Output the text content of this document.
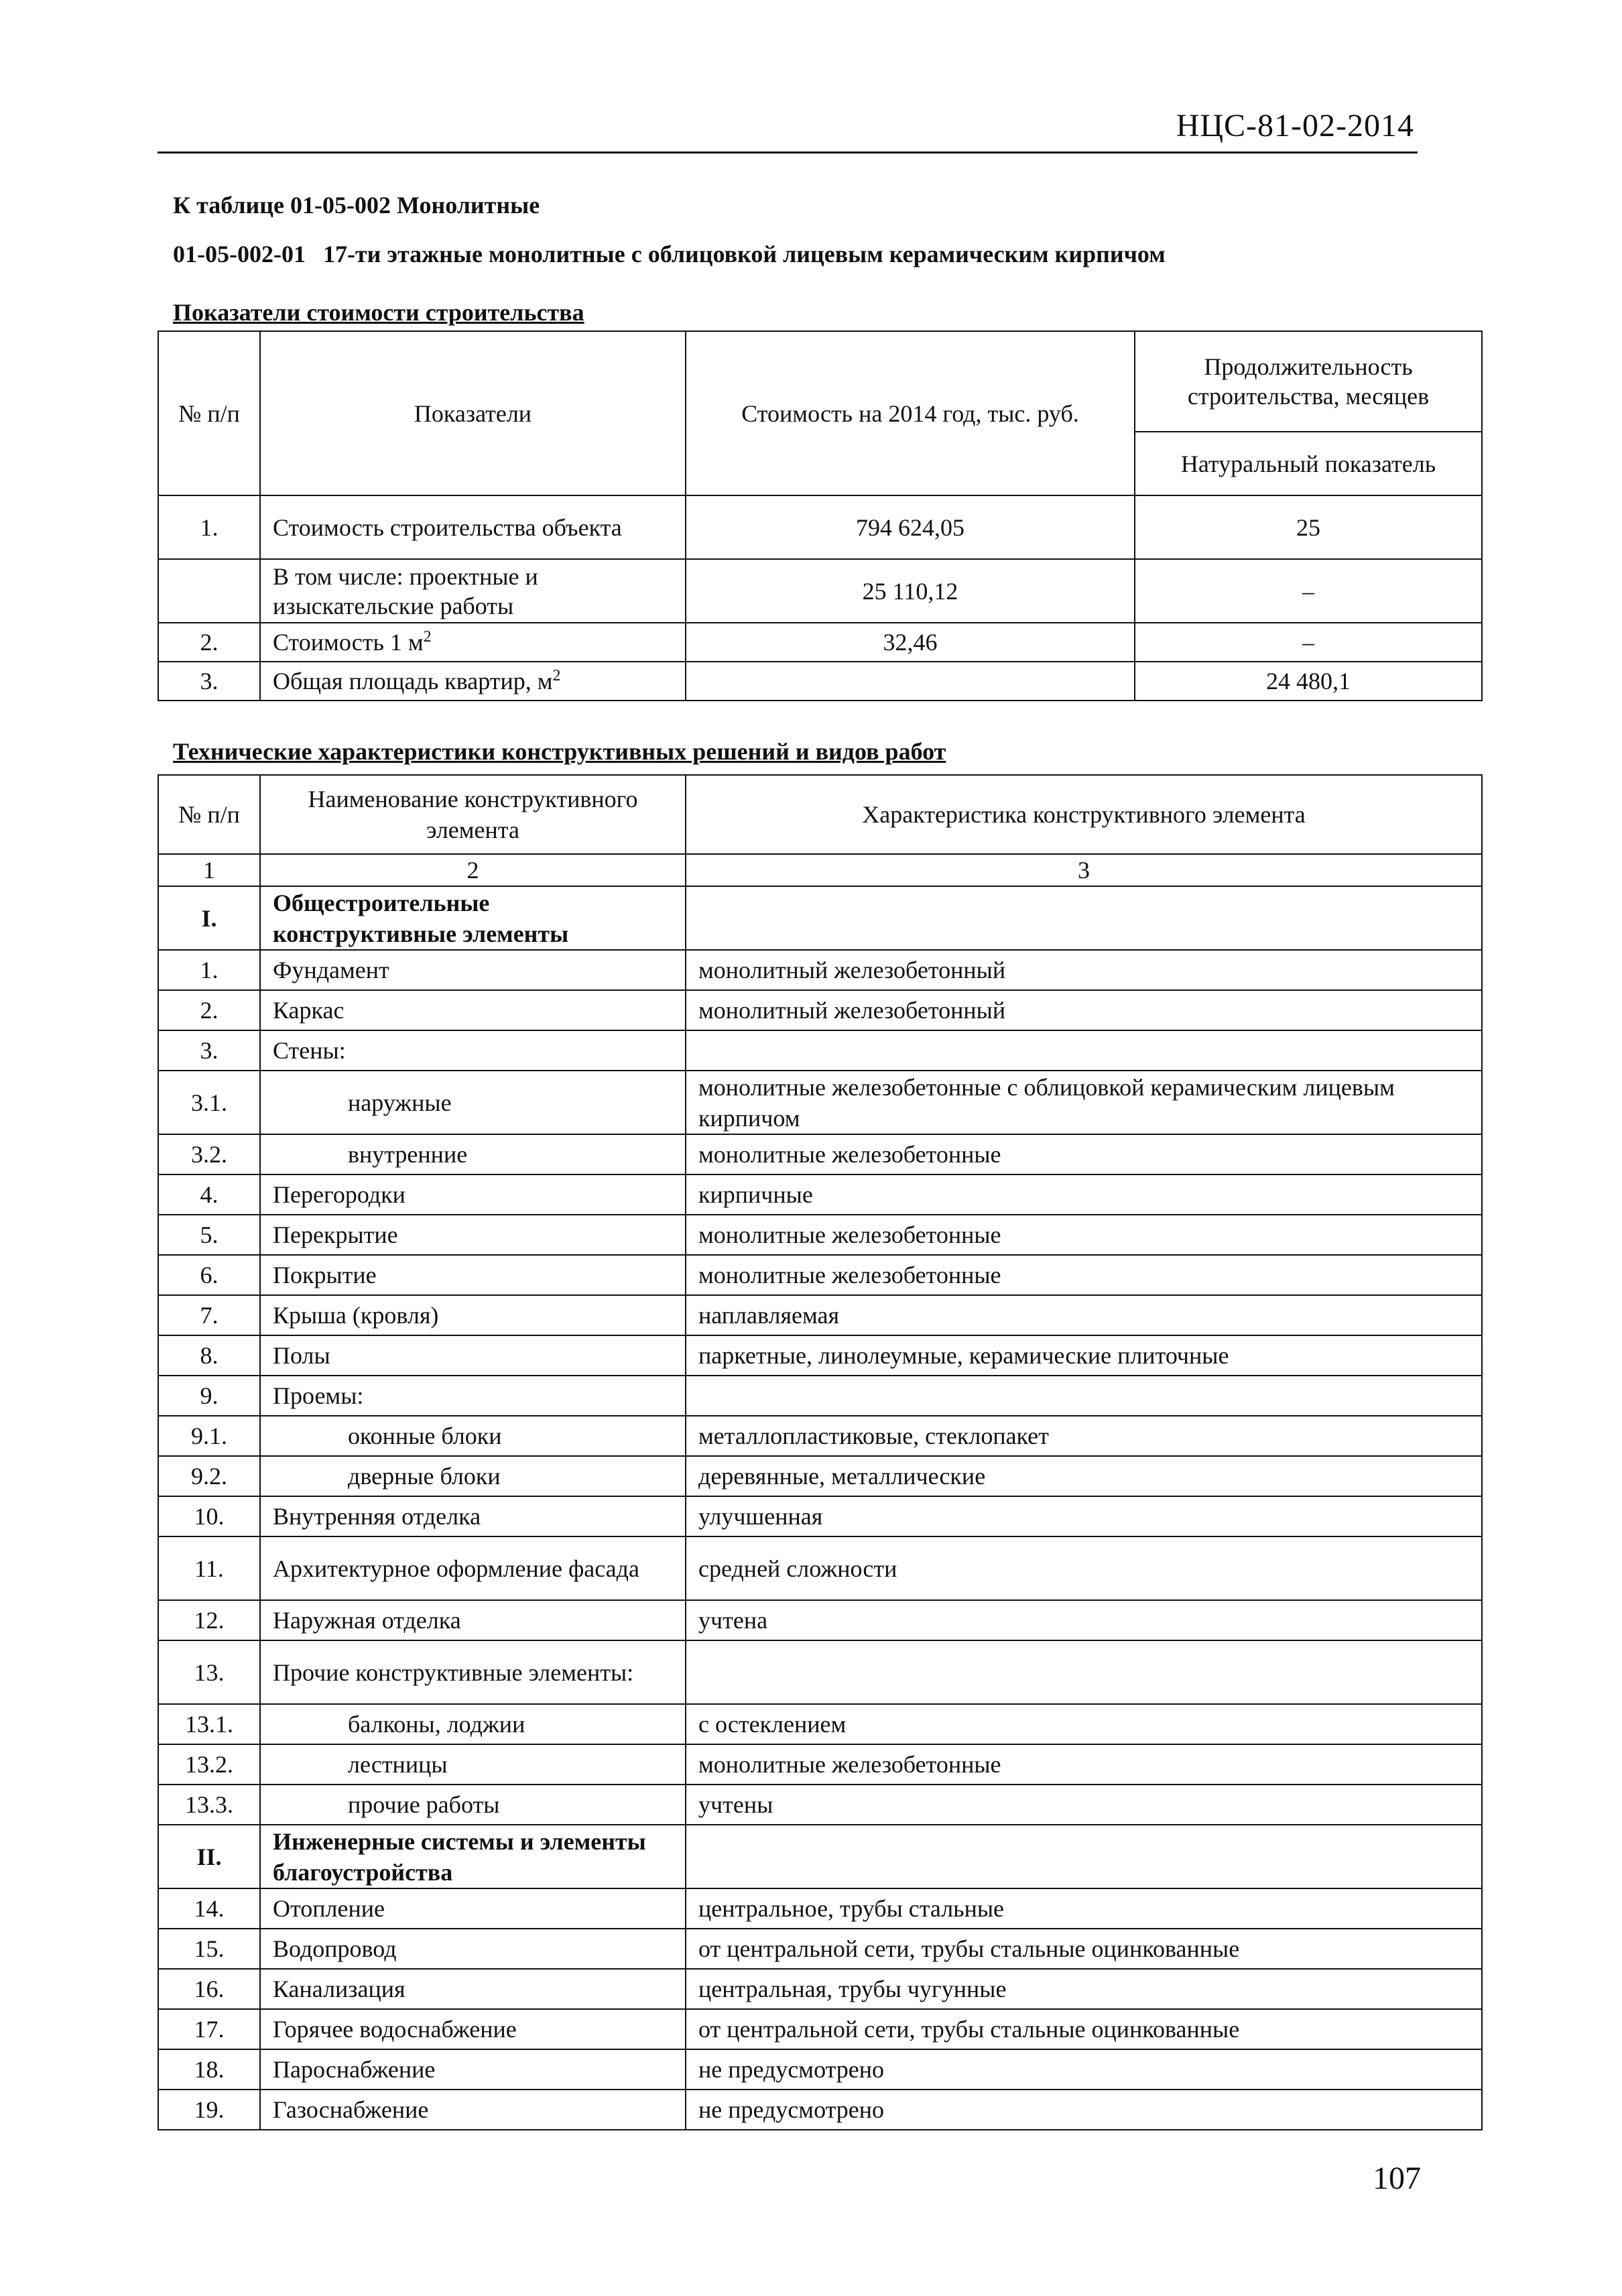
НЦС-81-02-2014
К таблице 01-05-002 Монолитные
01-05-002-01 17-ти этажные монолитные с облицовкой лицевым керамическим кирпичом
Показатели стоимости строительства
№ п/п	Показатели	Стоимость на 2014 год, тыс. руб.	Продолжительность строительства, месяцев
			Натуральный показатель
1.	Стоимость строительства объекта	794 624,05	25
	В том числе: проектные и изыскательские работы	25 110,12	–
2.	Стоимость 1 $м^2$	32,46	–
3.	Общая площадь квартир, $м^2$		24 480,1
Технические характеристики конструктивных решений и видов работ
№ п/п	Наименование конструктивного элемента	Характеристика конструктивного элемента
1	2	3
I.	Общестроительные конструктивные элементы	
1.	Фундамент	монолитный железобетонный
2.	Каркас	монолитный железобетонный
3.	Стены:	
3.1.	наружные	монолитные железобетонные с облицовкой керамическим лицевым кирпичом
3.2.	внутренние	монолитные железобетонные
4.	Перегородки	кирпичные
5.	Перекрытие	монолитные железобетонные
6.	Покрытие	монолитные железобетонные
7.	Крыша (кровля)	наплавляемая
8.	Полы	паркетные, линолеумные, керамические плиточные
9.	Проемы:	
9.1.	оконные блоки	металлопластиковые, стеклопакет
9.2.	дверные блоки	деревянные, металлические
10.	Внутренняя отделка	улучшенная
11.	Архитектурное оформление фасада	средней сложности
12.	Наружная отделка	учтена
13.	Прочие конструктивные элементы:	
13.1.	балконы, лоджии	с остеклением
13.2.	лестницы	монолитные железобетонные
13.3.	прочие работы	учтены
II.	Инженерные системы и элементы благоустройства	
14.	Отопление	центральное, трубы стальные
15.	Водопровод	от центральной сети, трубы стальные оцинкованные
16.	Канализация	центральная, трубы чугунные
17.	Горячее водоснабжение	от центральной сети, трубы стальные оцинкованные
18.	Пароснабжение	не предусмотрено
19.	Газоснабжение	не предусмотрено
107
